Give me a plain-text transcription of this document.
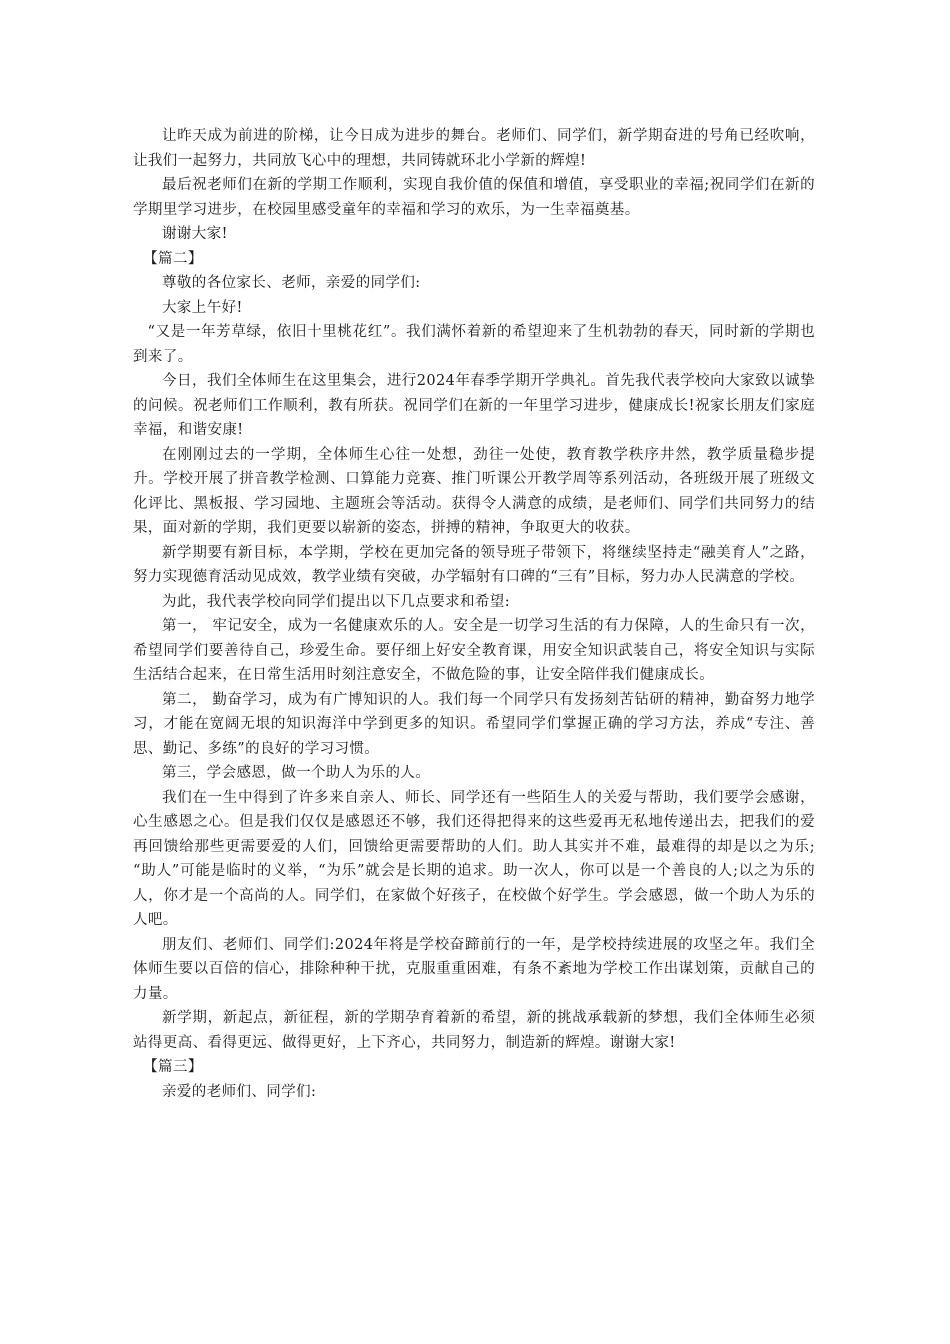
让昨天成为前进的阶梯，让今日成为进步的舞台。老师们、同学们，新学期奋进的号角已经吹响，让我们一起努力，共同放飞心中的理想，共同铸就环北小学新的辉煌!

最后祝老师们在新的学期工作顺利，实现自我价值的保值和增值，享受职业的幸福;祝同学们在新的学期里学习进步，在校园里感受童年的幸福和学习的欢乐，为一生幸福奠基。

谢谢大家!

【篇二】

尊敬的各位家长、老师，亲爱的同学们:

大家上午好!

“又是一年芳草绿，依旧十里桃花红”。我们满怀着新的希望迎来了生机勃勃的春天，同时新的学期也到来了。

今日，我们全体师生在这里集会，进行2024年春季学期开学典礼。首先我代表学校向大家致以诚挚的问候。祝老师们工作顺利，教有所获。祝同学们在新的一年里学习进步，健康成长!祝家长朋友们家庭幸福，和谐安康!

在刚刚过去的一学期，全体师生心往一处想，劲往一处使，教育教学秩序井然，教学质量稳步提升。学校开展了拼音教学检测、口算能力竞赛、推门听课公开教学周等系列活动，各班级开展了班级文化评比、黑板报、学习园地、主题班会等活动。获得令人满意的成绩，是老师们、同学们共同努力的结果，面对新的学期，我们更要以崭新的姿态，拼搏的精神，争取更大的收获。

新学期要有新目标，本学期，学校在更加完备的领导班子带领下，将继续坚持走“融美育人”之路，努力实现德育活动见成效，教学业绩有突破，办学辐射有口碑的“三有”目标，努力办人民满意的学校。

为此，我代表学校向同学们提出以下几点要求和希望:

第一， 牢记安全，成为一名健康欢乐的人。安全是一切学习生活的有力保障，人的生命只有一次，希望同学们要善待自己，珍爱生命。要仔细上好安全教育课，用安全知识武装自己，将安全知识与实际生活结合起来，在日常生活用时刻注意安全，不做危险的事，让安全陪伴我们健康成长。

第二， 勤奋学习，成为有广博知识的人。我们每一个同学只有发扬刻苦钻研的精神，勤奋努力地学习，才能在宽阔无垠的知识海洋中学到更多的知识。希望同学们掌握正确的学习方法，养成“专注、善思、勤记、多练”的良好的学习习惯。

第三，学会感恩，做一个助人为乐的人。

我们在一生中得到了许多来自亲人、师长、同学还有一些陌生人的关爱与帮助，我们要学会感谢，心生感恩之心。但是我们仅仅是感恩还不够，我们还得把得来的这些爱再无私地传递出去，把我们的爱再回馈给那些更需要爱的人们，回馈给更需要帮助的人们。助人其实并不难，最难得的却是以之为乐; “助人”可能是临时的义举，“为乐”就会是长期的追求。助一次人，你可以是一个善良的人;以之为乐的人，你才是一个高尚的人。同学们，在家做个好孩子，在校做个好学生。学会感恩，做一个助人为乐的人吧。

朋友们、老师们、同学们:2024年将是学校奋蹄前行的一年，是学校持续进展的攻坚之年。我们全体师生要以百倍的信心，排除种种干扰，克服重重困难，有条不紊地为学校工作出谋划策，贡献自己的力量。

新学期，新起点，新征程，新的学期孕育着新的希望，新的挑战承载新的梦想，我们全体师生必须站得更高、看得更远、做得更好，上下齐心，共同努力，制造新的辉煌。谢谢大家!

【篇三】

亲爱的老师们、同学们:
